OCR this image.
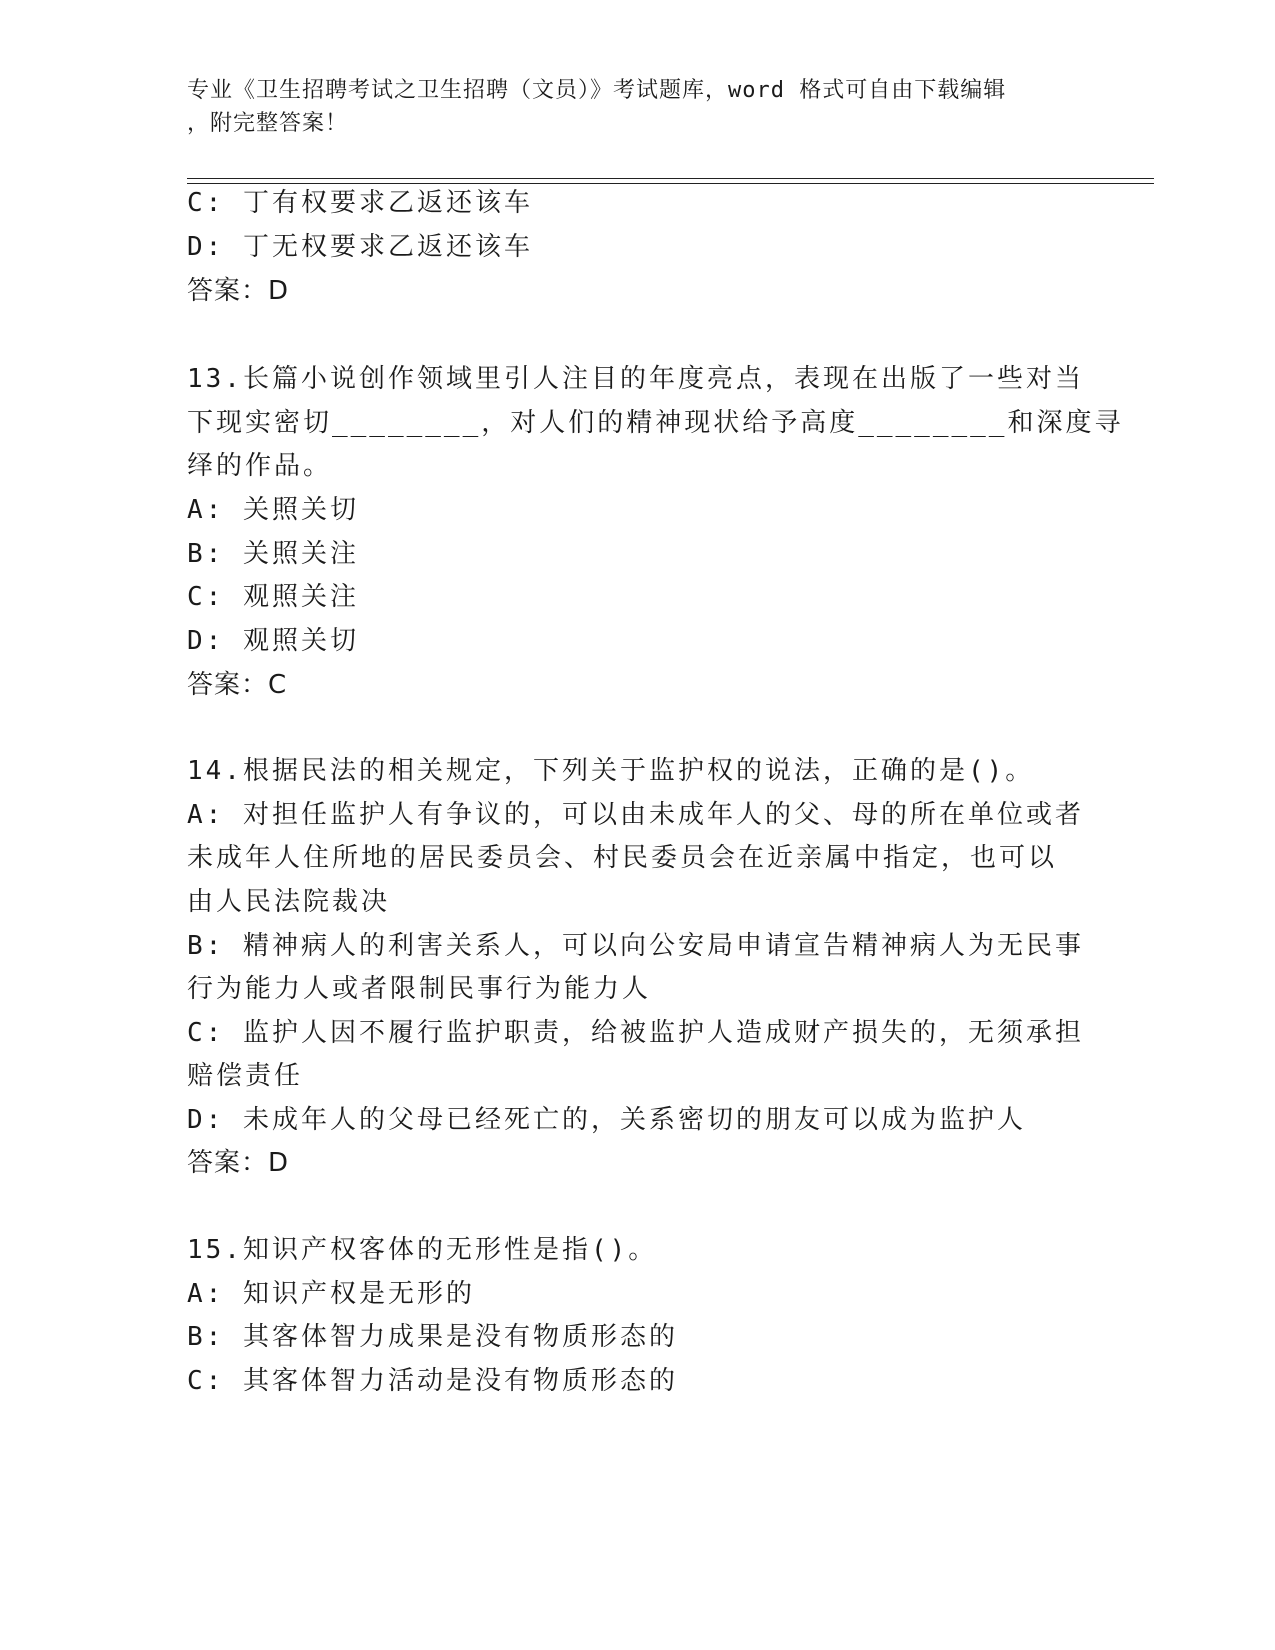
专业《卫生招聘考试之卫生招聘（文员）》考试题库，word 格式可自由下载编辑
，附完整答案！
C: 丁有权要求乙返还该车
D: 丁无权要求乙返还该车
答案：D
13.长篇小说创作领域里引人注目的年度亮点，表现在出版了一些对当
下现实密切________，对人们的精神现状给予高度________和深度寻
绎的作品。
A: 关照关切
B: 关照关注
C: 观照关注
D: 观照关切
答案：C
14.根据民法的相关规定，下列关于监护权的说法，正确的是()。
A: 对担任监护人有争议的，可以由未成年人的父、母的所在单位或者
未成年人住所地的居民委员会、村民委员会在近亲属中指定，也可以
由人民法院裁决
B: 精神病人的利害关系人，可以向公安局申请宣告精神病人为无民事
行为能力人或者限制民事行为能力人
C: 监护人因不履行监护职责，给被监护人造成财产损失的，无须承担
赔偿责任
D: 未成年人的父母已经死亡的，关系密切的朋友可以成为监护人
答案：D
15.知识产权客体的无形性是指()。
A: 知识产权是无形的
B: 其客体智力成果是没有物质形态的
C: 其客体智力活动是没有物质形态的
